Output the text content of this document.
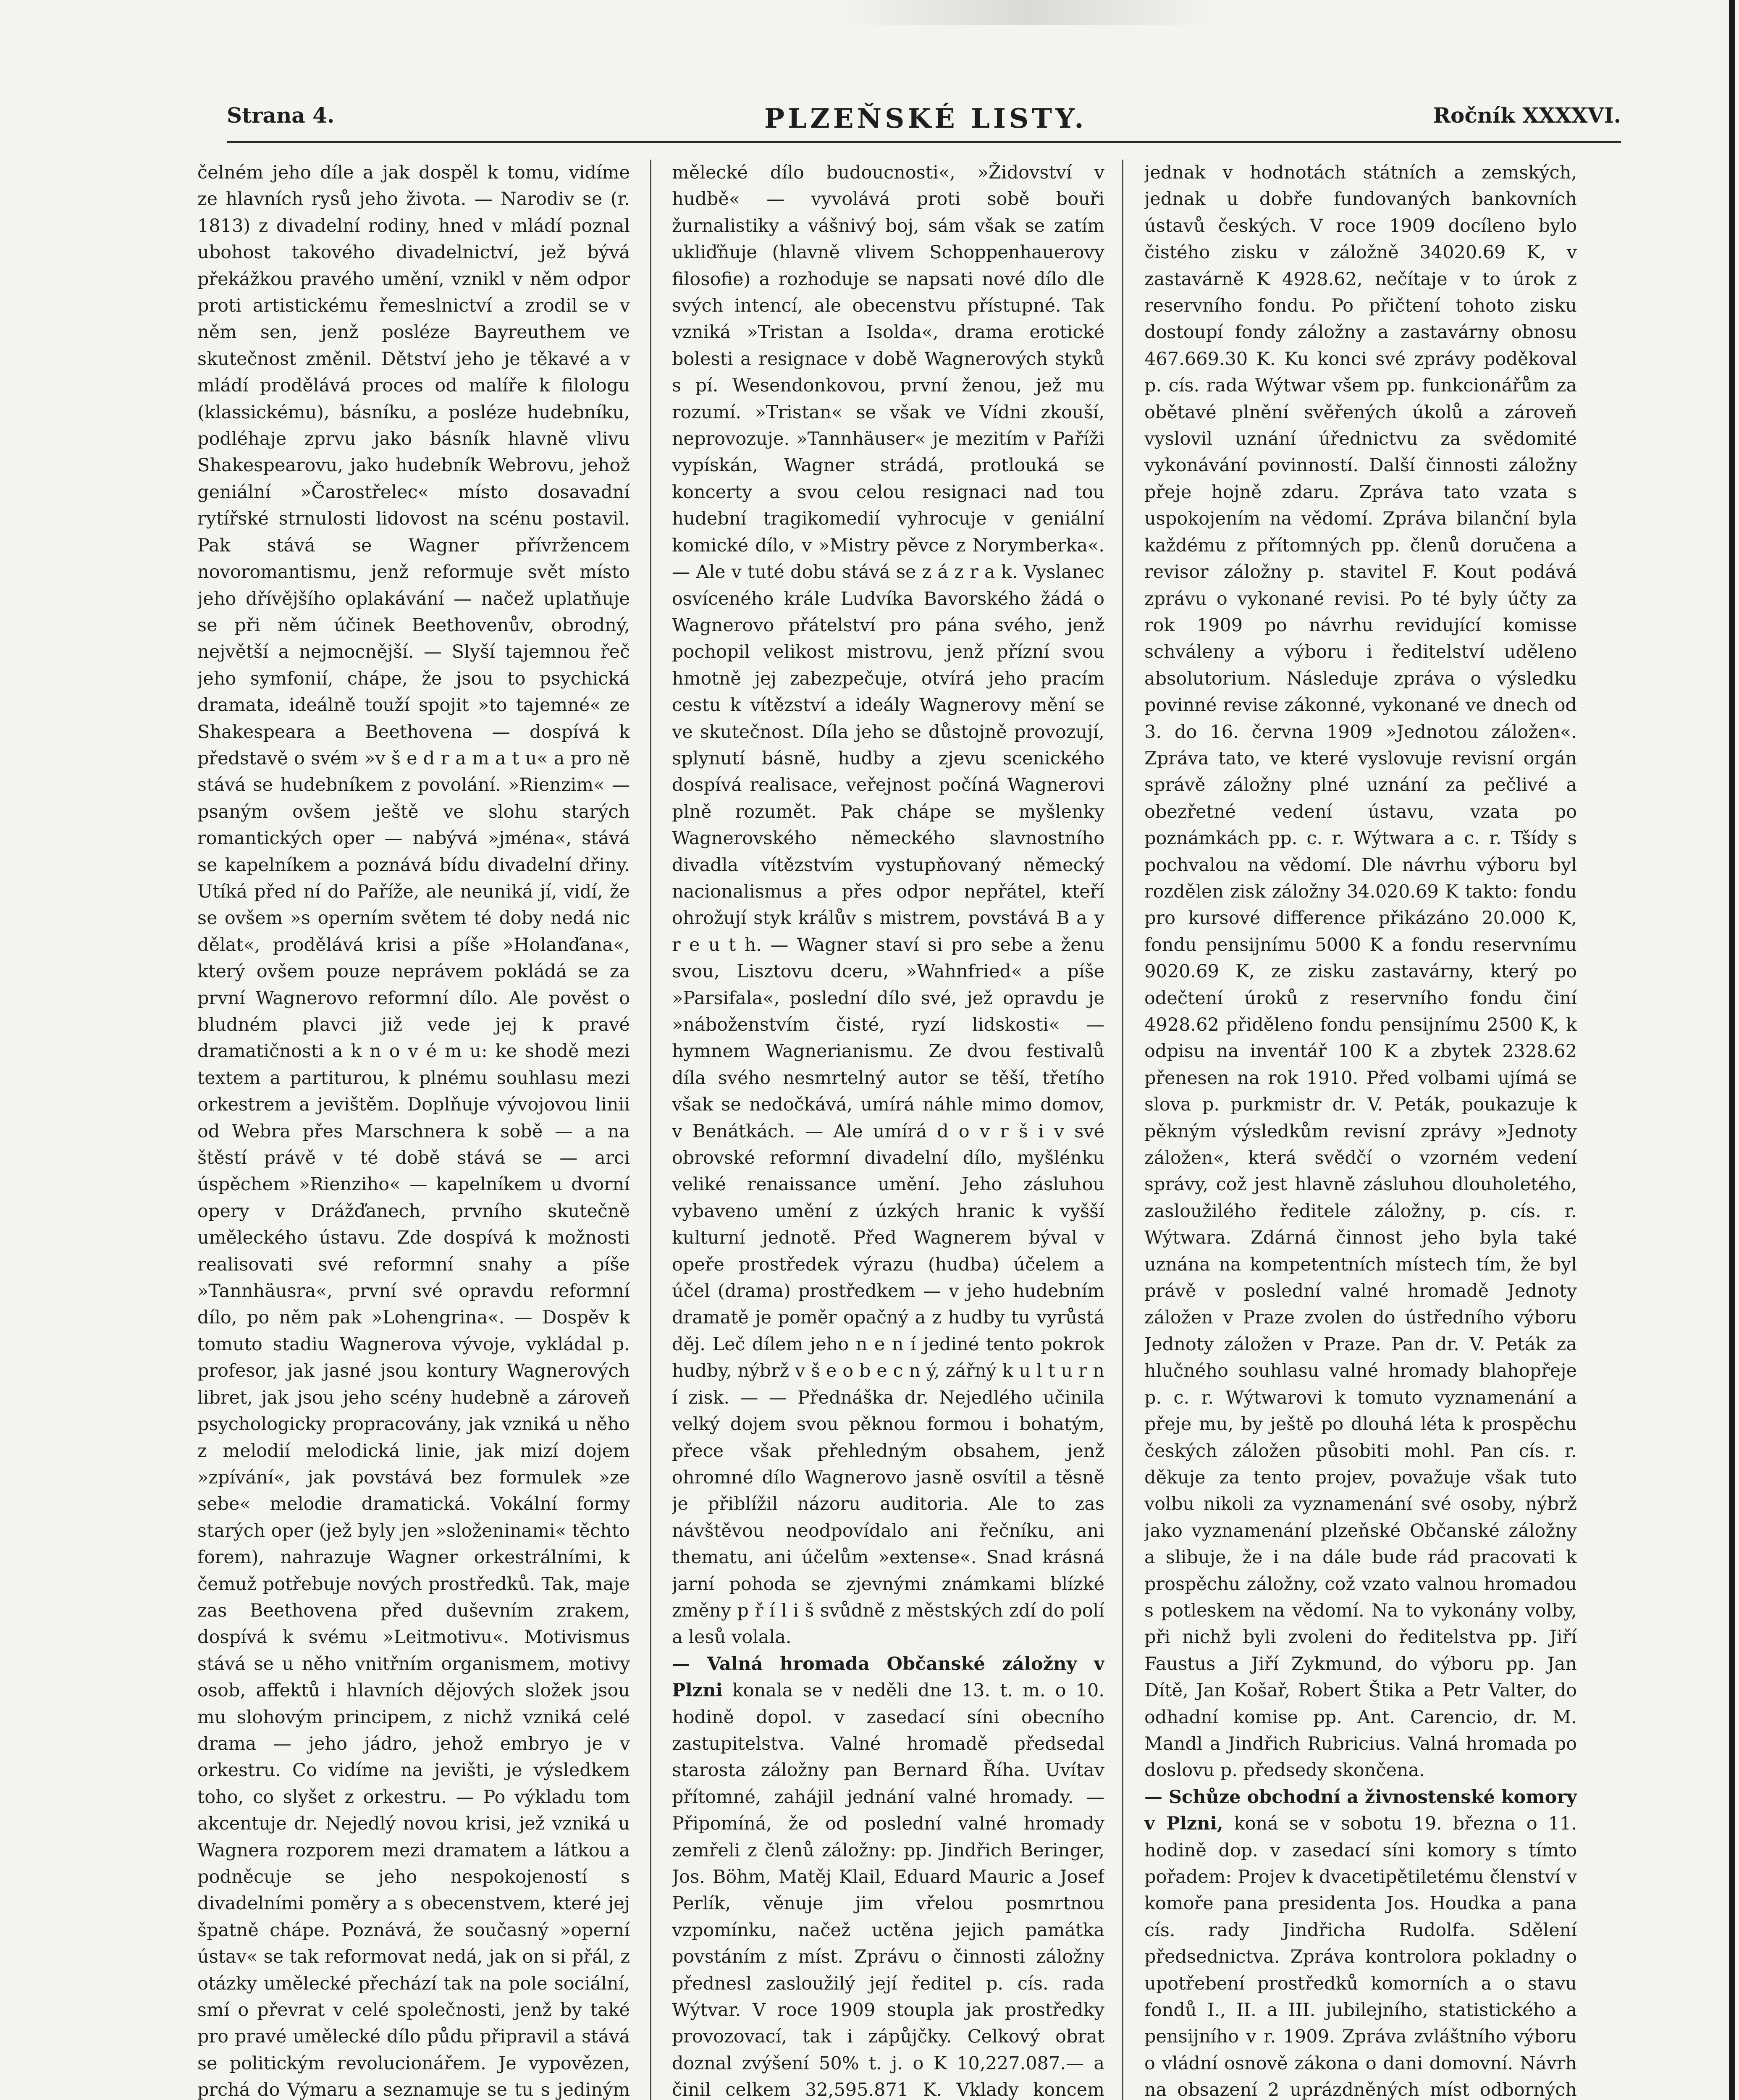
Strana 4.	PLZEŇSKÉ LISTY.	Ročník XXXXVI.

čelném jeho díle a jak dospěl k tomu, vidíme ze hlavních rysů jeho života. — Narodiv se (r. 1813) z divadelní rodiny, hned v mládí poznal ubohost takového divadelnictví, jež bývá překážkou pravého umění, vznikl v něm odpor proti artistickému řemeslnictví a zrodil se v něm sen, jenž posléze Bayreuthem ve skutečnost změnil. Dětství jeho je těkavé a v mládí prodělává proces od malíře k filologu (klassickému), básníku, a posléze hudebníku, podléhaje zprvu jako básník hlavně vlivu Shakespearovu, jako hudebník Webrovu, jehož geniální »Čarostřelec« místo dosavadní rytířské strnulosti lidovost na scénu postavil. Pak stává se Wagner přívržencem novoromantismu, jenž reformuje svět místo jeho dřívějšího oplakávání — načež uplatňuje se při něm účinek Beethovenův, obrodný, největší a nejmocnější. — Slyší tajemnou řeč jeho symfonií, chápe, že jsou to psychická dramata, ideálně touží spojit »to tajemné« ze Shakespeara a Beethovena — dospívá k představě o svém »v š e d r a m a t u« a pro ně stává se hudebníkem z povolání. »Rienzim« — psaným ovšem ještě ve slohu starých romantických oper — nabývá »jména«, stává se kapelníkem a poznává bídu divadelní dřiny. Utíká před ní do Paříže, ale neuniká jí, vidí, že se ovšem »s operním světem té doby nedá nic dělat«, prodělává krisi a píše »Holanďana«, který ovšem pouze neprávem pokládá se za první Wagnerovo reformní dílo. Ale pověst o bludném plavci již vede jej k pravé dramatičnosti a k n o v é m u: ke shodě mezi textem a partiturou, k plnému souhlasu mezi orkestrem a jevištěm. Doplňuje vývojovou linii od Webra přes Marschnera k sobě — a na štěstí právě v té době stává se — arci úspěchem »Rienziho« — kapelníkem u dvorní opery v Drážďanech, prvního skutečně uměleckého ústavu. Zde dospívá k možnosti realisovati své reformní snahy a píše »Tannhäusra«, první své opravdu reformní dílo, po něm pak »Lohengrina«. — Dospěv k tomuto stadiu Wagnerova vývoje, vykládal p. profesor, jak jasné jsou kontury Wagnerových libret, jak jsou jeho scény hudebně a zároveň psychologicky propracovány, jak vzniká u něho z melodií melodická linie, jak mizí dojem »zpívání«, jak povstává bez formulek »ze sebe« melodie dramatická. Vokální formy starých oper (jež byly jen »složeninami« těchto forem), nahrazuje Wagner orkestrálními, k čemuž potřebuje nových prostředků. Tak, maje zas Beethovena před duševním zrakem, dospívá k svému »Leitmotivu«. Motivismus stává se u něho vnitřním organismem, motivy osob, affektů i hlavních dějových složek jsou mu slohovým principem, z nichž vzniká celé drama — jeho jádro, jehož embryo je v orkestru. Co vidíme na jevišti, je výsledkem toho, co slyšet z orkestru. — Po výkladu tom akcentuje dr. Nejedlý novou krisi, jež vzniká u Wagnera rozporem mezi dramatem a látkou a podněcuje se jeho nespokojeností s divadelními poměry a s obecenstvem, které jej špatně chápe. Poznává, že současný »operní ústav« se tak reformovat nedá, jak on si přál, z otázky umělecké přechází tak na pole sociální, smí o převrat v celé společnosti, jenž by také pro pravé umělecké dílo půdu připravil a stává se politickým revolucionářem. Je vypovězen, prchá do Výmaru a seznamuje se tu s jediným

mělecké dílo budoucnosti«, »Židovství v hudbě« — vyvolává proti sobě bouři žurnalistiky a vášnivý boj, sám však se zatím ukliďňuje (hlavně vlivem Schoppenhauerovy filosofie) a rozhoduje se napsati nové dílo dle svých intencí, ale obecenstvu přístupné. Tak vzniká »Tristan a Isolda«, drama erotické bolesti a resignace v době Wagnerových styků s pí. Wesendonkovou, první ženou, jež mu rozumí. »Tristan« se však ve Vídni zkouší, neprovozuje. »Tannhäuser« je mezitím v Paříži vypískán, Wagner strádá, protlouká se koncerty a svou celou resignaci nad tou hudební tragikomedií vyhrocuje v geniální komické dílo, v »Mistry pěvce z Norymberka«. — Ale v tuté dobu stává se z á z r a k. Vyslanec osvíceného krále Ludvíka Bavorského žádá o Wagnerovo přátelství pro pána svého, jenž pochopil velikost mistrovu, jenž přízní svou hmotně jej zabezpečuje, otvírá jeho pracím cestu k vítězství a ideály Wagnerovy mění se ve skutečnost. Díla jeho se důstojně provozují, splynutí básně, hudby a zjevu scenického dospívá realisace, veřejnost počíná Wagnerovi plně rozumět. Pak chápe se myšlenky Wagnerovského německého slavnostního divadla vítězstvím vystupňovaný německý nacionalismus a přes odpor nepřátel, kteří ohrožují styk králův s mistrem, povstává B a y r e u t h. — Wagner staví si pro sebe a ženu svou, Lisztovu dceru, »Wahnfried« a píše »Parsifala«, poslední dílo své, jež opravdu je »náboženstvím čisté, ryzí lidskosti« — hymnem Wagnerianismu. Ze dvou festivalů díla svého nesmrtelný autor se těší, třetího však se nedočkává, umírá náhle mimo domov, v Benátkách. — Ale umírá d o v r š i v své obrovské reformní divadelní dílo, myšlénku veliké renaissance umění. Jeho zásluhou vybaveno umění z úzkých hranic k vyšší kulturní jednotě. Před Wagnerem býval v opeře prostředek výrazu (hudba) účelem a účel (drama) prostředkem — v jeho hudebním dramatě je poměr opačný a z hudby tu vyrůstá děj. Leč dílem jeho n e n í jediné tento pokrok hudby, nýbrž v š e o b e c n ý, zářný k u l t u r n í zisk. — — Přednáška dr. Nejedlého učinila velký dojem svou pěknou formou i bohatým, přece však přehledným obsahem, jenž ohromné dílo Wagnerovo jasně osvítil a těsně je přiblížil názoru auditoria. Ale to zas návštěvou neodpovídalo ani řečníku, ani thematu, ani účelům »extense«. Snad krásná jarní pohoda se zjevnými známkami blízké změny p ř í l i š svůdně z městských zdí do polí a lesů volala.

— Valná hromada Občanské záložny v Plzni konala se v neděli dne 13. t. m. o 10. hodině dopol. v zasedací síni obecního zastupitelstva. Valné hromadě předsedal starosta záložny pan Bernard Říha. Uvítav přítomné, zahájil jednání valné hromady. — Připomíná, že od poslední valné hromady zemřeli z členů záložny: pp. Jindřich Beringer, Jos. Böhm, Matěj Klail, Eduard Mauric a Josef Perlík, věnuje jim vřelou posmrtnou vzpomínku, načež uctěna jejich památka povstáním z míst. Zprávu o činnosti záložny přednesl zasloužilý její ředitel p. cís. rada Wýtvar. V roce 1909 stoupla jak prostředky provozovací, tak i zápůjčky. Celkový obrat doznal zvýšení 50% t. j. o K 10,227.087.— a činil celkem 32,595.871 K. Vklady koncem

jednak v hodnotách státních a zemských, jednak u dobře fundovaných bankovních ústavů českých. V roce 1909 docíleno bylo čistého zisku v záložně 34020.69 K, v zastavárně K 4928.62, nečítaje v to úrok z reservního fondu. Po přičtení tohoto zisku dostoupí fondy záložny a zastavárny obnosu 467.669.30 K. Ku konci své zprávy poděkoval p. cís. rada Wýtwar všem pp. funkcionářům za obětavé plnění svěřených úkolů a zároveň vyslovil uznání úřednictvu za svědomité vykonávání povinností. Další činnosti záložny přeje hojně zdaru. Zpráva tato vzata s uspokojením na vědomí. Zpráva bilanční byla každému z přítomných pp. členů doručena a revisor záložny p. stavitel F. Kout podává zprávu o vykonané revisi. Po té byly účty za rok 1909 po návrhu revidující komisse schváleny a výboru i ředitelství uděleno absolutorium. Následuje zpráva o výsledku povinné revise zákonné, vykonané ve dnech od 3. do 16. června 1909 »Jednotou záložen«. Zpráva tato, ve které vyslovuje revisní orgán správě záložny plné uznání za pečlivé a obezřetné vedení ústavu, vzata po poznámkách pp. c. r. Wýtwara a c. r. Tšídy s pochvalou na vědomí. Dle návrhu výboru byl rozdělen zisk záložny 34.020.69 K takto: fondu pro kursové difference přikázáno 20.000 K, fondu pensijnímu 5000 K a fondu reservnímu 9020.69 K, ze zisku zastavárny, který po odečtení úroků z reservního fondu činí 4928.62 přiděleno fondu pensijnímu 2500 K, k odpisu na inventář 100 K a zbytek 2328.62 přenesen na rok 1910. Před volbami ujímá se slova p. purkmistr dr. V. Peták, poukazuje k pěkným výsledkům revisní zprávy »Jednoty záložen«, která svědčí o vzorném vedení správy, což jest hlavně zásluhou dlouholetého, zasloužilého ředitele záložny, p. cís. r. Wýtwara. Zdárná činnost jeho byla také uznána na kompetentních místech tím, že byl právě v poslední valné hromadě Jednoty záložen v Praze zvolen do ústředního výboru Jednoty záložen v Praze. Pan dr. V. Peták za hlučného souhlasu valné hromady blahopřeje p. c. r. Wýtwarovi k tomuto vyznamenání a přeje mu, by ještě po dlouhá léta k prospěchu českých záložen působiti mohl. Pan cís. r. děkuje za tento projev, považuje však tuto volbu nikoli za vyznamenání své osoby, nýbrž jako vyznamenání plzeňské Občanské záložny a slibuje, že i na dále bude rád pracovati k prospěchu záložny, což vzato valnou hromadou s potleskem na vědomí. Na to vykonány volby, při nichž byli zvoleni do ředitelstva pp. Jiří Faustus a Jiří Zykmund, do výboru pp. Jan Dítě, Jan Košař, Robert Štika a Petr Valter, do odhadní komise pp. Ant. Carencio, dr. M. Mandl a Jindřich Rubricius. Valná hromada po doslovu p. předsedy skončena.

— Schůze obchodní a živnostenské komory v Plzni, koná se v sobotu 19. března o 11. hodině dop. v zasedací síni komory s tímto pořadem: Projev k dvacetipětiletému členství v komoře pana presidenta Jos. Houdka a pana cís. rady Jindřicha Rudolfa. Sdělení předsednictva. Zpráva kontrolora pokladny o upotřebení prostředků komorních a o stavu fondů I., II. a III. jubilejního, statistického a pensijního v r. 1909. Zpráva zvláštního výboru o vládní osnově zákona o dani domovní. Návrh na obsazení 2 uprázdněných míst odborných
